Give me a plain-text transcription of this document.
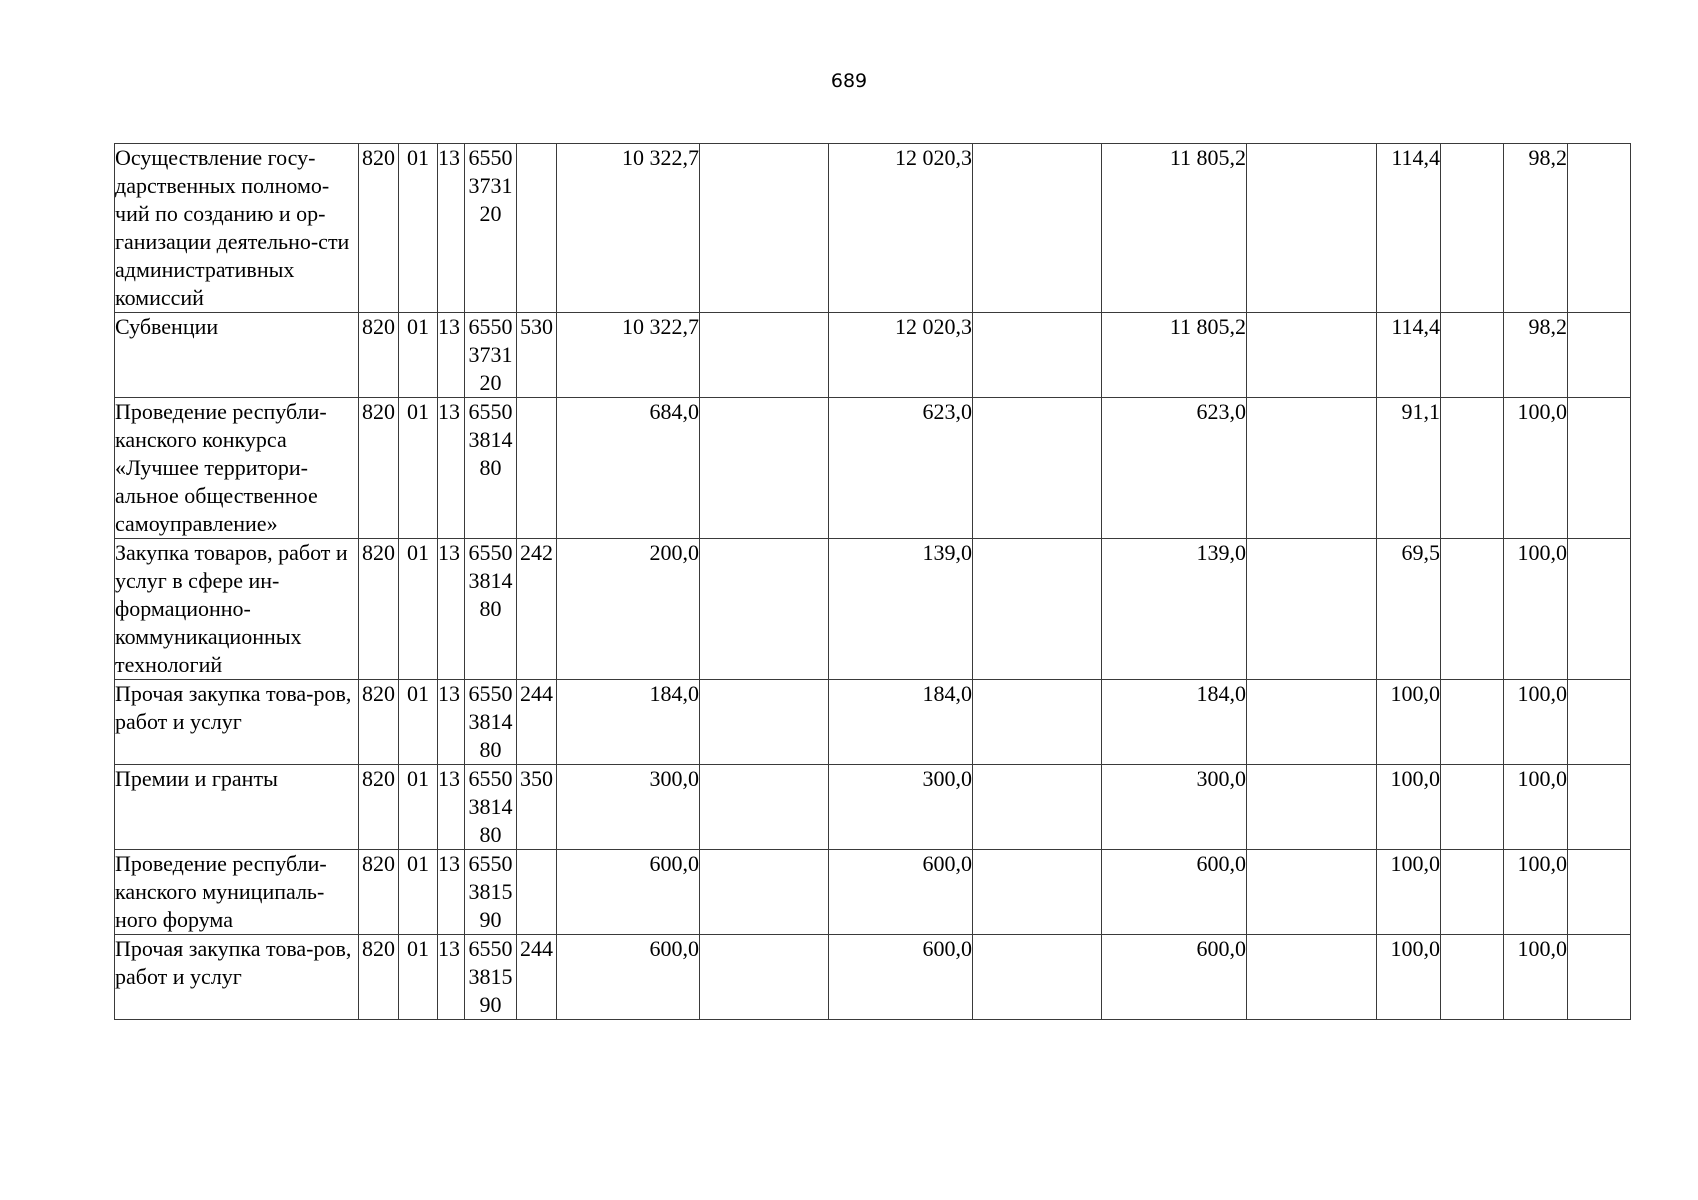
689
Осуществление госу-дарственных полномо-чий по созданию и ор-ганизации деятельно-сти административных комиссий	820	01	13	6550373120		10 322,7		12 020,3		11 805,2		114,4		98,2	
Субвенции	820	01	13	6550373120	530	10 322,7		12 020,3		11 805,2		114,4		98,2	
Проведение республи-канского конкурса «Лучшее территори-альное общественное самоуправление»	820	01	13	6550381480		684,0		623,0		623,0		91,1		100,0	
Закупка товаров, работ и услуг в сфере ин-формационно-коммуникационных технологий	820	01	13	6550381480	242	200,0		139,0		139,0		69,5		100,0	
Прочая закупка това-ров, работ и услуг	820	01	13	6550381480	244	184,0		184,0		184,0		100,0		100,0	
Премии и гранты	820	01	13	6550381480	350	300,0		300,0		300,0		100,0		100,0	
Проведение республи-канского муниципаль-ного форума	820	01	13	6550381590		600,0		600,0		600,0		100,0		100,0	
Прочая закупка това-ров, работ и услуг	820	01	13	6550381590	244	600,0		600,0		600,0		100,0		100,0	
